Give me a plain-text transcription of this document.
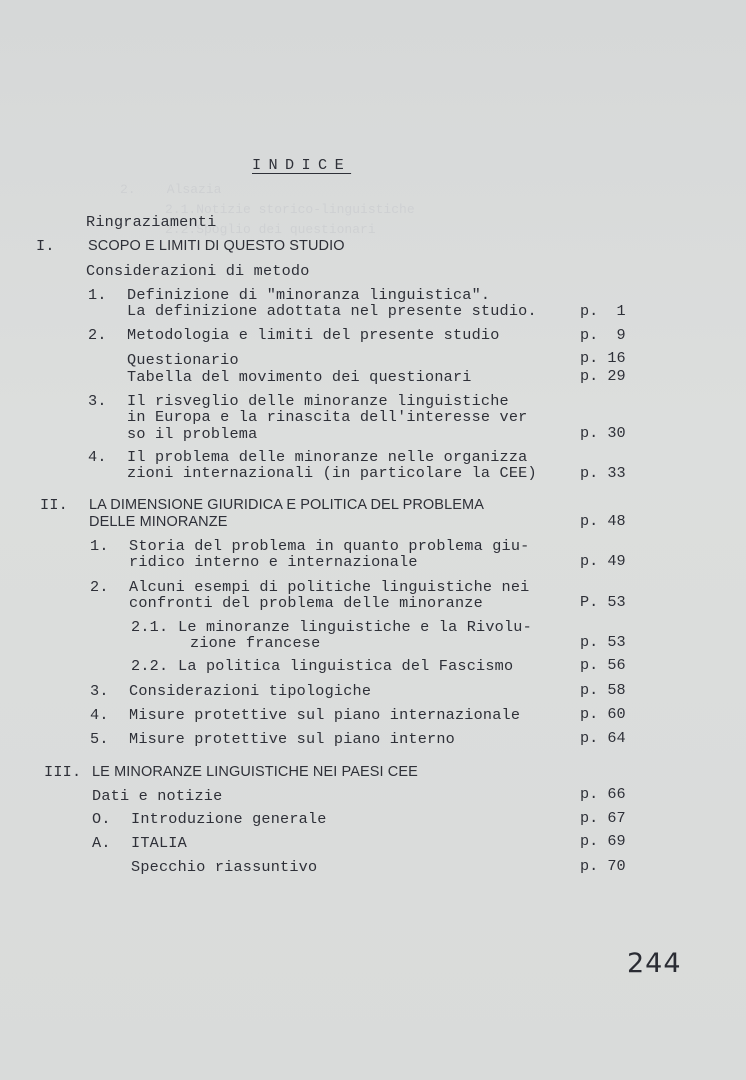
2.    Alsazia
2.1.Notizie storico-linguistiche
2.2.Spoglio dei questionari
INDICE
Ringraziamenti
I. SCOPO E LIMITI DI QUESTO STUDIO
Considerazioni di metodo
1. Definizione di "minoranza linguistica".
La definizione adottata nel presente studio.	p.  1
2. Metodologia e limiti del presente studio	p.  9
Questionario	p. 16
Tabella del movimento dei questionari	p. 29
3. Il risveglio delle minoranze linguistiche
in Europa e la rinascita dell'interesse ver
so il problema	p. 30
4. Il problema delle minoranze nelle organizza
zioni internazionali (in particolare la CEE)	p. 33
II. LA DIMENSIONE GIURIDICA E POLITICA DEL PROBLEMA
DELLE MINORANZE	p. 48
1. Storia del problema in quanto problema giu-
ridico interno e internazionale	p. 49
2. Alcuni esempi di politiche linguistiche nei
confronti del problema delle minoranze	P. 53
2.1. Le minoranze linguistiche e la Rivolu-
zione francese	p. 53
2.2. La politica linguistica del Fascismo	p. 56
3. Considerazioni tipologiche	p. 58
4. Misure protettive sul piano internazionale	p. 60
5. Misure protettive sul piano interno	p. 64
III. LE MINORANZE LINGUISTICHE NEI PAESI CEE
Dati e notizie	p. 66
O. Introduzione generale	p. 67
A. ITALIA	p. 69
Specchio riassuntivo	p. 70
244
